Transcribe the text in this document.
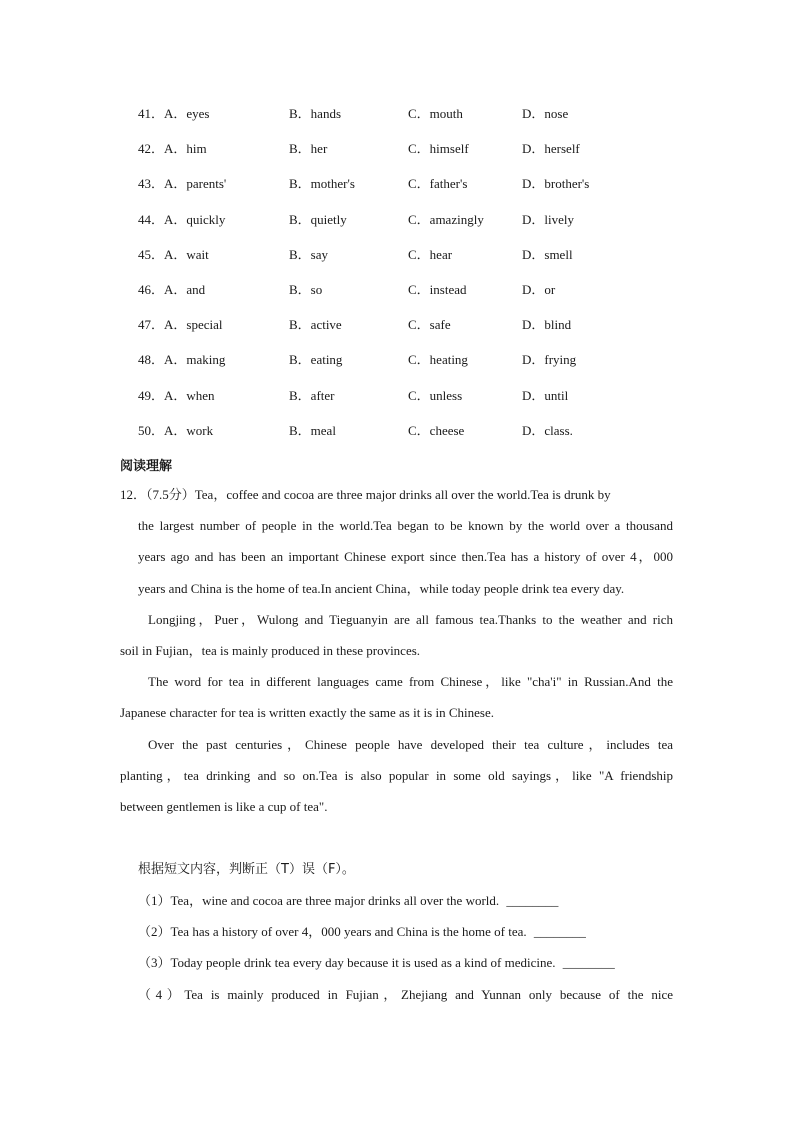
41． A．eyes	B．hands	C．mouth	D．nose
42． A．him	B．her	C．himself	D．herself
43． A．parents'	B．mother's	C．father's	D．brother's
44． A．quickly	B．quietly	C．amazingly	D．lively
45． A．wait	B．say	C．hear	D．smell
46． A．and	B．so	C．instead	D．or
47． A．special	B．active	C．safe	D．blind
48． A．making	B．eating	C．heating	D．frying
49． A．when	B．after	C．unless	D．until
50． A．work	B．meal	C．cheese	D．class.
阅读理解
12．（7.5分）Tea，coffee and cocoa are three major drinks all over the world.Tea is drunk by
the largest number of people in the world.Tea began to be known by the world over a thousand
years ago and has been an important Chinese export since then.Tea has a history of over 4，000
years and China is the home of tea.In ancient China，while today people drink tea every day.
Longjing，Puer，Wulong and Tieguanyin are all famous tea.Thanks to the weather and rich
soil in Fujian，tea is mainly produced in these provinces.
The word for tea in different languages came from Chinese，like "cha'i" in Russian.And the
Japanese character for tea is written exactly the same as it is in Chinese.
Over the past centuries，Chinese people have developed their tea culture，includes tea
planting，tea drinking and so on.Tea is also popular in some old sayings，like "A friendship
between gentlemen is like a cup of tea".
根据短文内容，判断正（T）误（F）。
（1）Tea，wine and cocoa are three major drinks all over the world. ________
（2）Tea has a history of over 4，000 years and China is the home of tea. ________
（3）Today people drink tea every day because it is used as a kind of medicine. ________
（4）Tea is mainly produced in Fujian，Zhejiang and Yunnan only because of the nice
